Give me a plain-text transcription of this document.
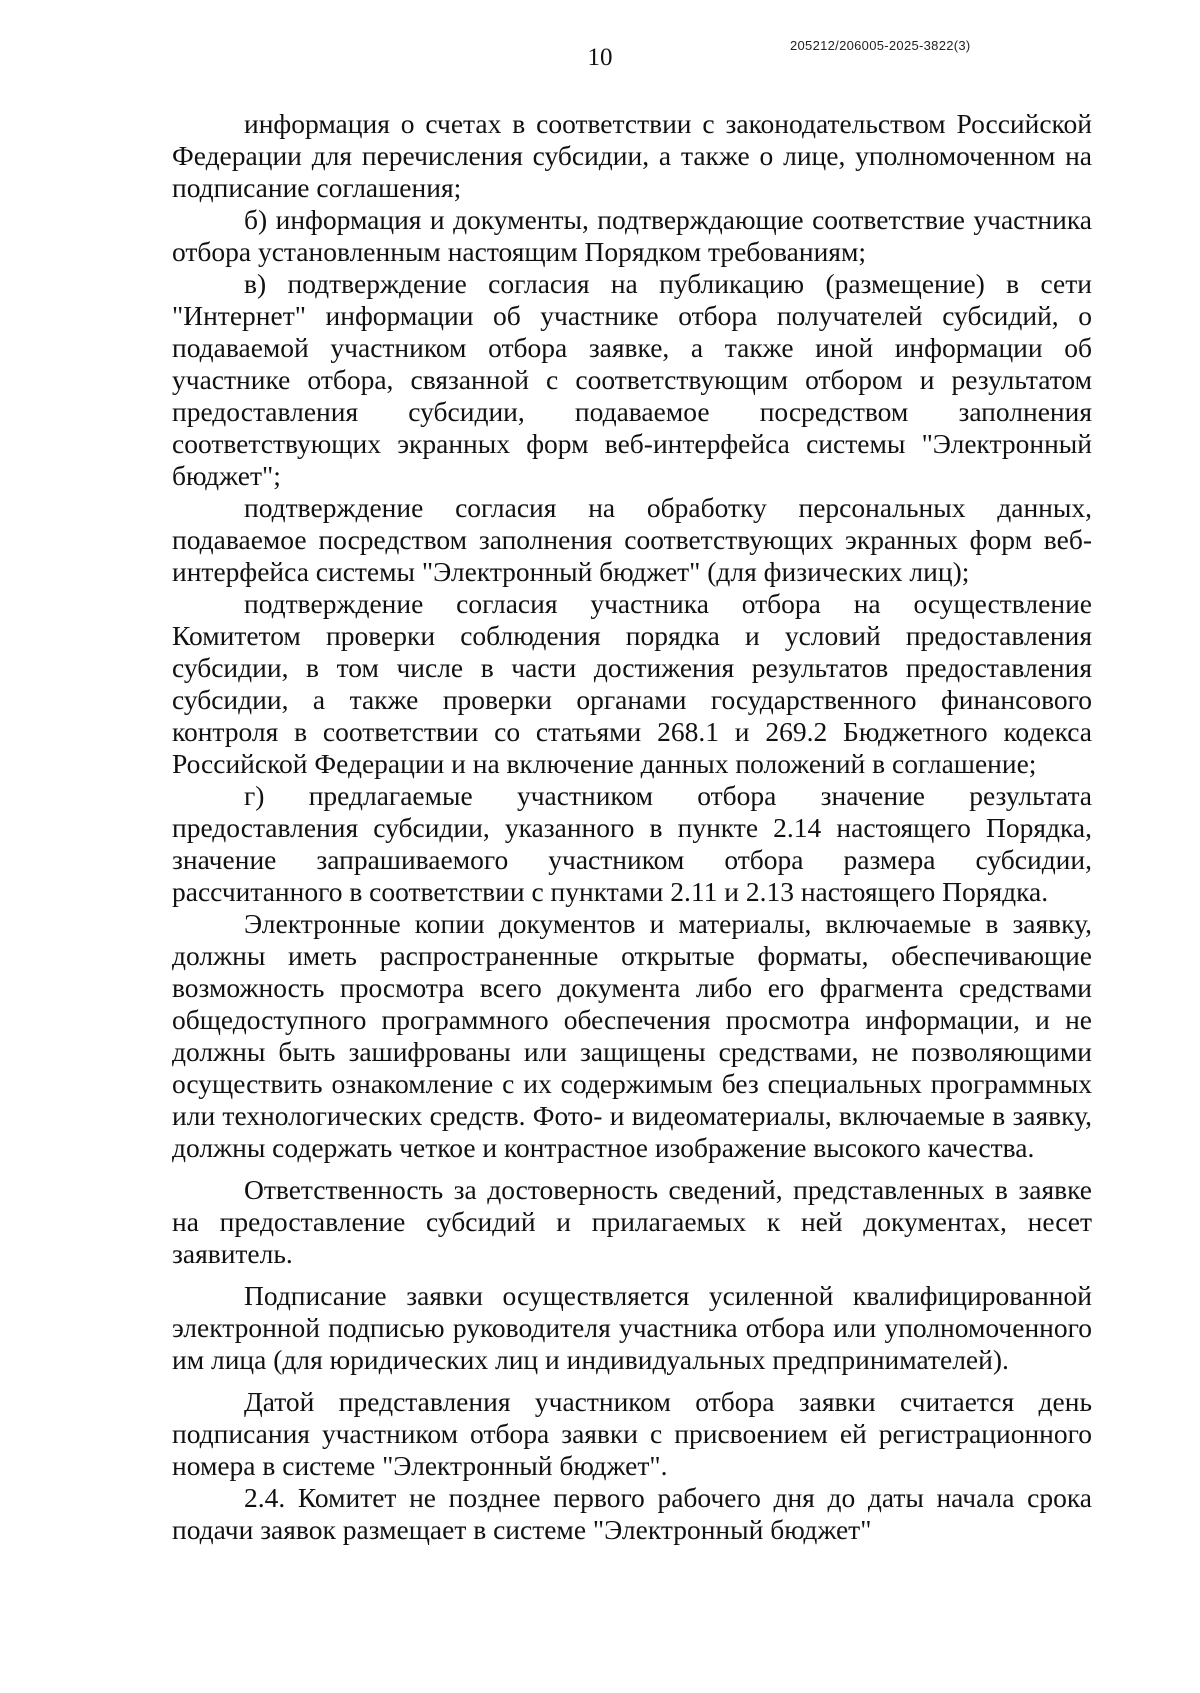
10	205212/206005-2025-3822(3)

информация о счетах в соответствии с законодательством Российской Федерации для перечисления субсидии, а также о лице, уполномоченном на подписание соглашения;

б) информация и документы, подтверждающие соответствие участника отбора установленным настоящим Порядком требованиям;

в) подтверждение согласия на публикацию (размещение) в сети "Интернет" информации об участнике отбора получателей субсидий, о подаваемой участником отбора заявке, а также иной информации об участнике отбора, связанной с соответствующим отбором и результатом предоставления субсидии, подаваемое посредством заполнения соответствующих экранных форм веб-интерфейса системы "Электронный бюджет";

подтверждение согласия на обработку персональных данных, подаваемое посредством заполнения соответствующих экранных форм веб-интерфейса системы "Электронный бюджет" (для физических лиц);

подтверждение согласия участника отбора на осуществление Комитетом проверки соблюдения порядка и условий предоставления субсидии, в том числе в части достижения результатов предоставления субсидии, а также проверки органами государственного финансового контроля в соответствии со статьями 268.1 и 269.2 Бюджетного кодекса Российской Федерации и на включение данных положений в соглашение;

г) предлагаемые участником отбора значение результата предоставления субсидии, указанного в пункте 2.14 настоящего Порядка, значение запрашиваемого участником отбора размера субсидии, рассчитанного в соответствии с пунктами 2.11 и 2.13 настоящего Порядка.

Электронные копии документов и материалы, включаемые в заявку, должны иметь распространенные открытые форматы, обеспечивающие возможность просмотра всего документа либо его фрагмента средствами общедоступного программного обеспечения просмотра информации, и не должны быть зашифрованы или защищены средствами, не позволяющими осуществить ознакомление с их содержимым без специальных программных или технологических средств. Фото- и видеоматериалы, включаемые в заявку, должны содержать четкое и контрастное изображение высокого качества.

Ответственность за достоверность сведений, представленных в заявке на предоставление субсидий и прилагаемых к ней документах, несет заявитель.

Подписание заявки осуществляется усиленной квалифицированной электронной подписью руководителя участника отбора или уполномоченного им лица (для юридических лиц и индивидуальных предпринимателей).

Датой представления участником отбора заявки считается день подписания участником отбора заявки с присвоением ей регистрационного номера в системе "Электронный бюджет".

2.4. Комитет не позднее первого рабочего дня до даты начала срока подачи заявок размещает в системе "Электронный бюджет"
